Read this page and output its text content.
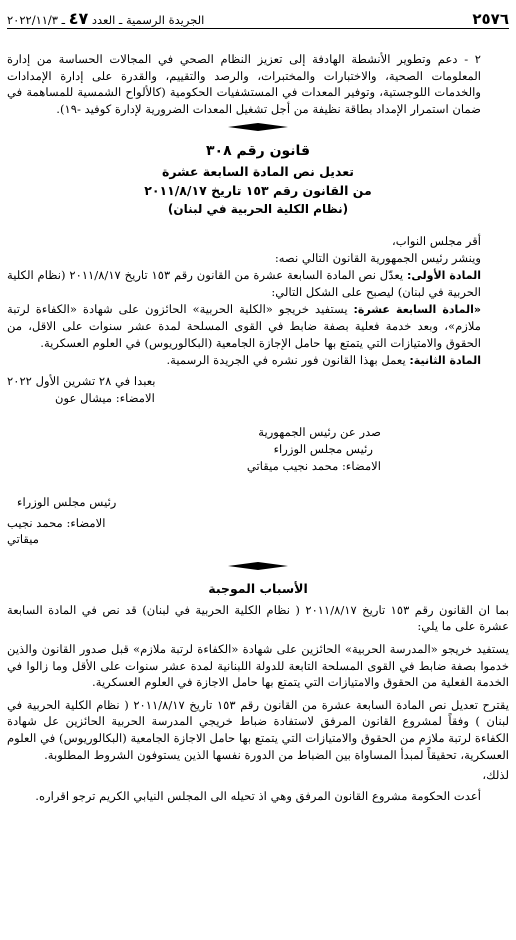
٢٥٧٦
الجريدة الرسمية ـ العدد ٤٧ ـ ٢٠٢٢/١١/٣

٢ - دعم وتطوير الأنشطة الهادفة إلى تعزيز النظام الصحي في المجالات الحساسة من إدارة المعلومات الصحية، والاختبارات والمختبرات، والرصد والتقييم، والقدرة على إدارة الإمدادات والخدمات اللوجستية، وتوفير المعدات في المستشفيات الحكومية (كالألواح الشمسية للمساهمة في ضمان استمرار الإمداد بطاقة نظيفة من أجل تشغيل المعدات الضرورية لإدارة كوفيد -١٩).

قانون رقم ٣٠٨
تعديل نص المادة السابعة عشرة
من القانون رقم ١٥٣ تاريخ ٢٠١١/٨/١٧
(نظام الكلية الحربية في لبنان)

أقر مجلس النواب،

وينشر رئيس الجمهورية القانون التالي نصه:

المادة الأولى: يعدّل نص المادة السابعة عشرة من القانون رقم ١٥٣ تاريخ ٢٠١١/٨/١٧ (نظام الكلية الحربية في لبنان) ليصبح على الشكل التالي:

«المادة السابعة عشرة: يستفيد خريجو «الكلية الحربية» الحائزون على شهادة «الكفاءة لرتبة ملازم»، وبعد خدمة فعلية بصفة ضابط في القوى المسلحة لمدة عشر سنوات على الاقل، من الحقوق والامتيازات التي يتمتع بها حامل الإجازة الجامعية (البكالوريوس) في العلوم العسكرية.

المادة الثانية: يعمل بهذا القانون فور نشره في الجريدة الرسمية.

بعبدا في ٢٨ تشرين الأول ٢٠٢٢

الامضاء: ميشال عون

صدر عن رئيس الجمهورية

رئيس مجلس الوزراء

الامضاء: محمد نجيب ميقاتي

رئيس مجلس الوزراء

الامضاء: محمد نجيب ميقاتي

الأسباب الموجبة

بما ان القانون رقم ١٥٣ تاريخ ٢٠١١/٨/١٧ ( نظام الكلية الحربية في لبنان) قد نص في المادة السابعة عشرة على ما يلي:

يستفيد خريجو «المدرسة الحربية» الحائزين على شهادة «الكفاءة لرتبة ملازم» قبل صدور القانون والذين خدموا بصفة ضابط في القوى المسلحة التابعة للدولة اللبنانية لمدة عشر سنوات على الأقل وما زالوا في الخدمة الفعلية من الحقوق والامتيازات التي يتمتع بها حامل الاجازة في العلوم العسكرية.

يقترح تعديل نص المادة السابعة عشرة من القانون رقم ١٥٣ تاريخ ٢٠١١/٨/١٧ ( نظام الكلية الحربية في لبنان ) وفقاً لمشروع القانون المرفق لاستفادة ضباط خريجي المدرسة الحربية الحائزين عل شهادة الكفاءة لرتبة ملازم من الحقوق والامتيازات التي يتمتع بها حامل الاجازة الجامعية (البكالوريوس) في العلوم العسكرية، تحقيقاً لمبدأ المساواة بين الضباط من الدورة نفسها الذين يستوفون الشروط المطلوبة.

لذلك،

أعدت الحكومة مشروع القانون المرفق وهي اذ تحيله الى المجلس النيابي الكريم ترجو اقراره.
